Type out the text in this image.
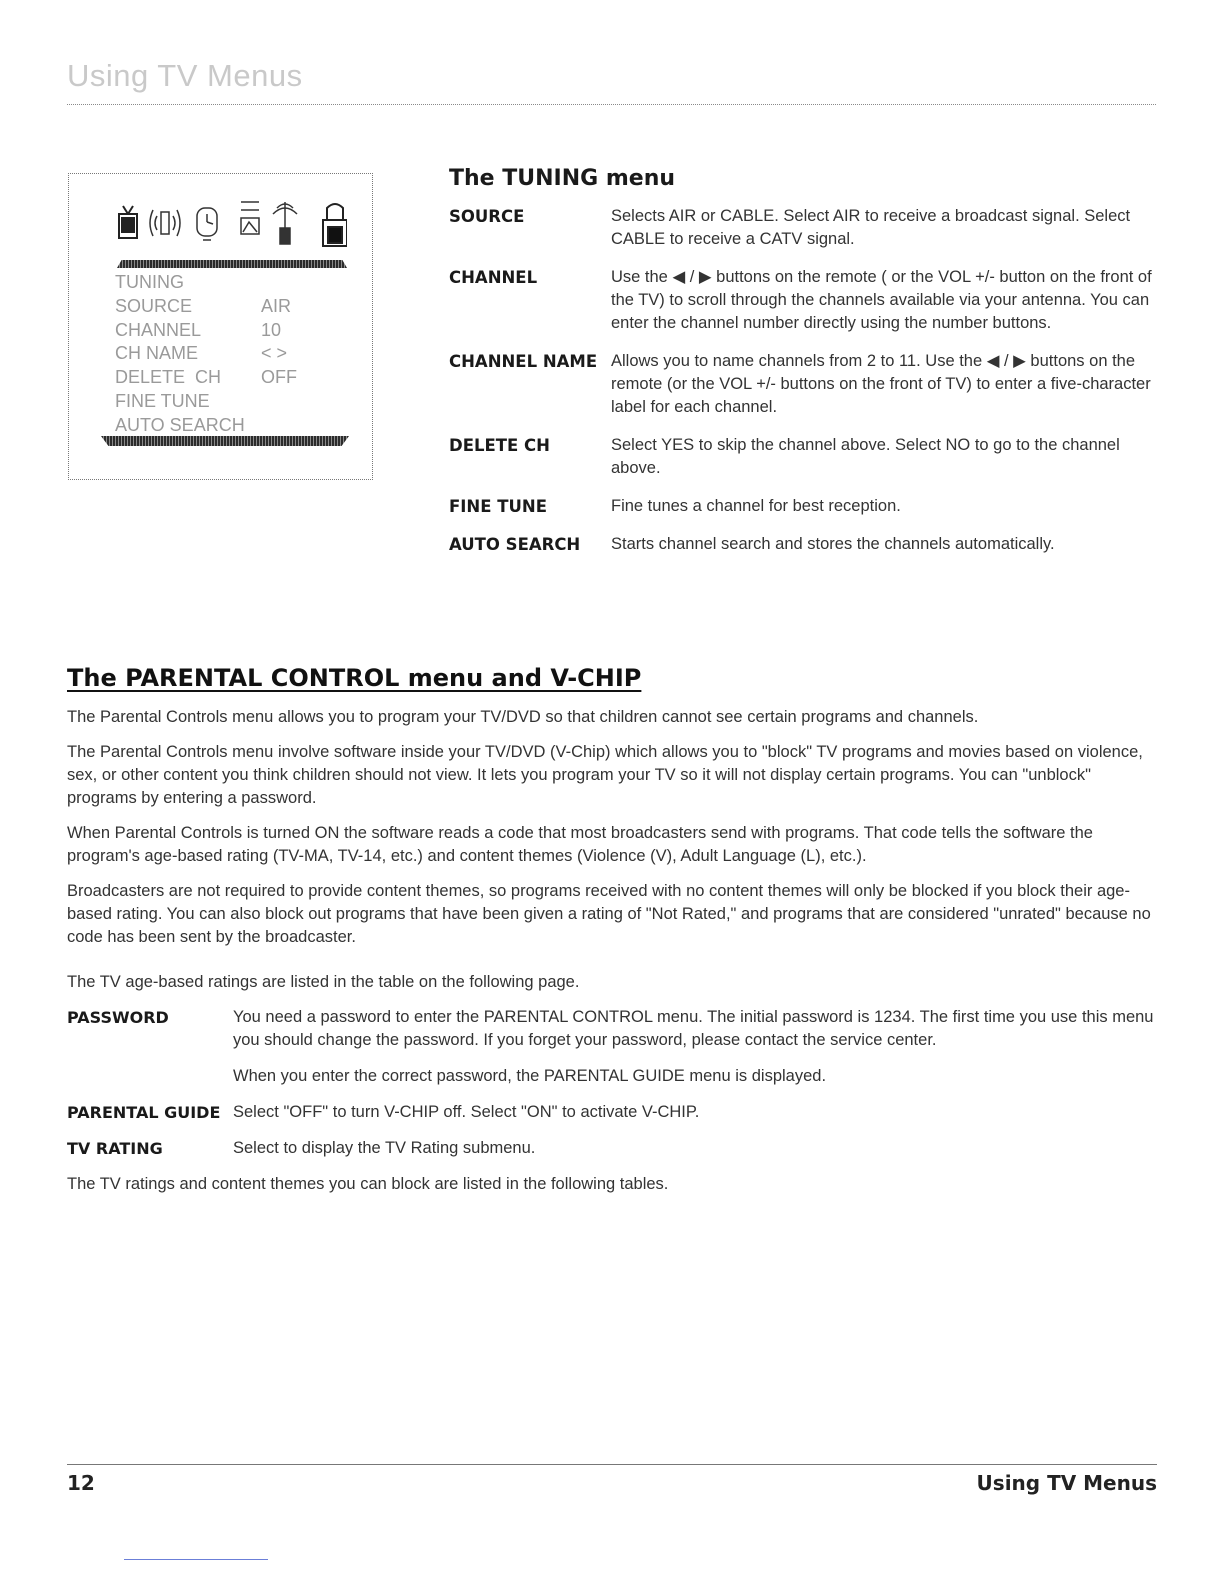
Using TV Menus
TUNING
SOURCE	AIR
CHANNEL	10
CH NAME	< >
DELETE  CH OFF
FINE TUNE
AUTO SEARCH
The TUNING menu
SOURCE	Selects AIR or CABLE. Select AIR to receive a broadcast signal. Select CABLE to receive a CATV signal.
CHANNEL	Use the ◀ / ▶ buttons on the remote ( or the VOL +/- button on the front of the TV) to scroll through the channels available via your antenna. You can enter the channel number directly using the number buttons.
CHANNEL NAME Allows you to name channels from 2 to 11. Use the ◀ / ▶ buttons on the remote (or the VOL +/- buttons on the front of TV) to enter a five-character label for each channel.
DELETE CH	Select YES to skip the channel above. Select NO to go to the channel above.
FINE TUNE	Fine tunes a channel for best reception.
AUTO SEARCH	Starts channel search and stores the channels automatically.
The PARENTAL CONTROL menu and V-CHIP

The Parental Controls menu allows you to program your TV/DVD so that children cannot see certain programs and channels.

The Parental Controls menu involve software inside your TV/DVD (V-Chip) which allows you to "block" TV programs and movies based on violence, sex, or other content you think children should not view. It lets you program your TV so it will not display certain programs. You can "unblock" programs by entering a password.

When Parental Controls is turned ON the software reads a code that most broadcasters send with programs. That code tells the software the program's age-based rating (TV-MA, TV-14, etc.) and content themes (Violence (V), Adult Language (L), etc.).

Broadcasters are not required to provide content themes, so programs received with no content themes will only be blocked if you block their age-based rating. You can also block out programs that have been given a rating of "Not Rated," and programs that are considered "unrated" because no code has been sent by the broadcaster.

The TV age-based ratings are listed in the table on the following page.

PASSWORD	You need a password to enter the PARENTAL CONTROL menu. The initial password is 1234. The first time you use this menu you should change the password. If you forget your password, please contact the service center.

When you enter the correct password, the PARENTAL GUIDE menu is displayed.

PARENTAL GUIDE Select "OFF" to turn V-CHIP off. Select "ON" to activate V-CHIP.
TV RATING	Select to display the TV Rating submenu.

The TV ratings and content themes you can block are listed in the following tables.

12	Using TV Menus
